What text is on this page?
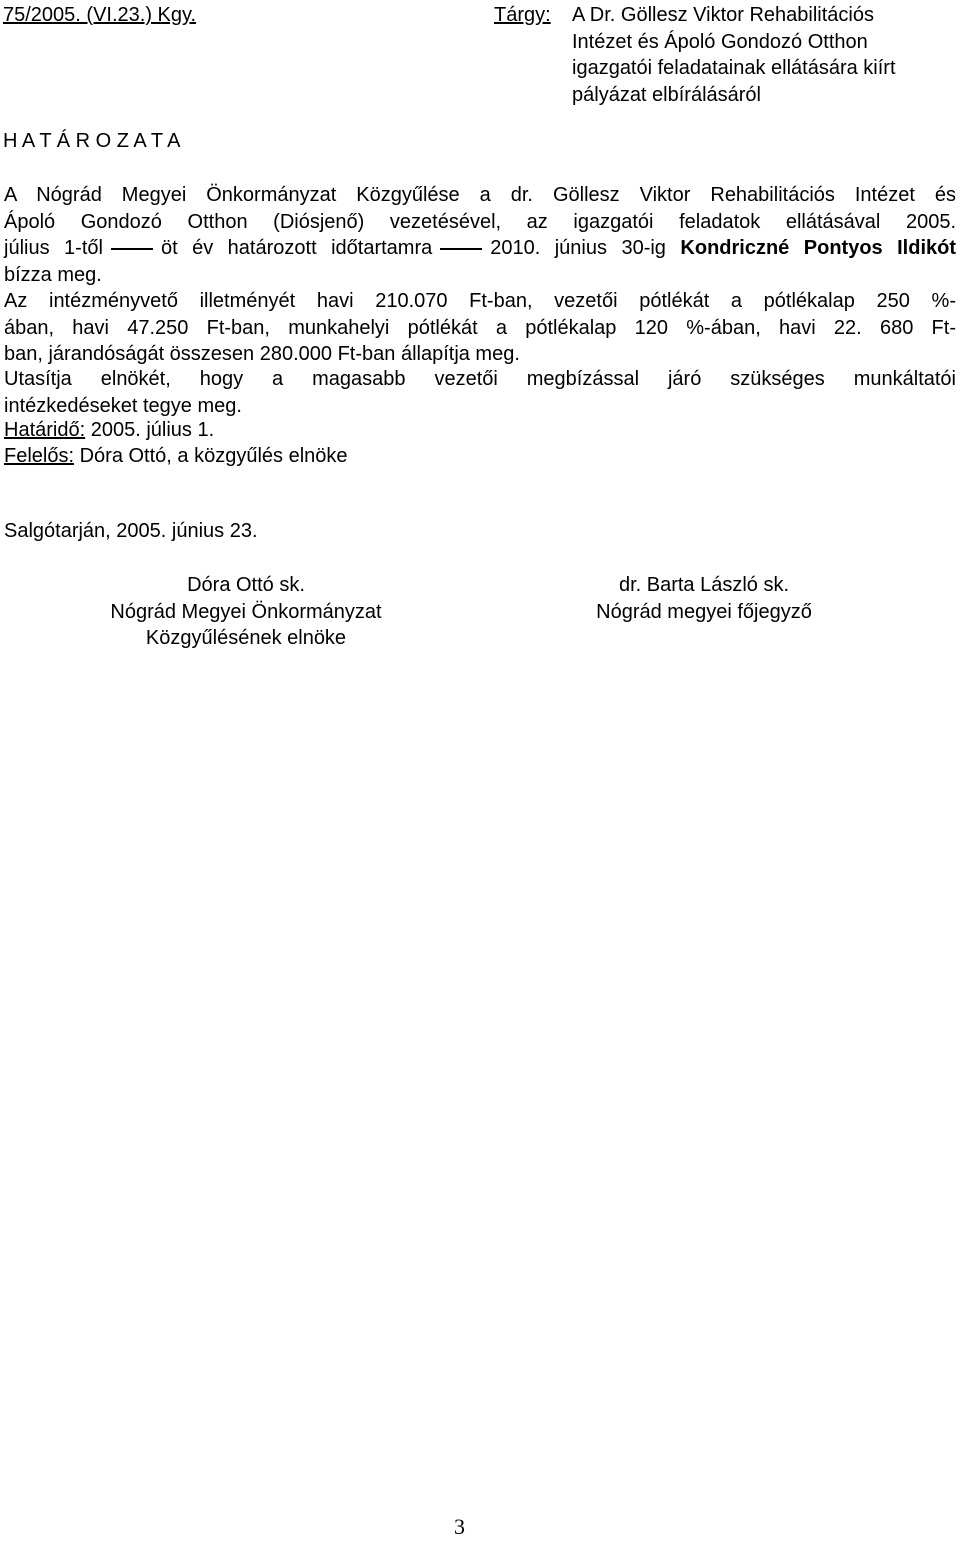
75/2005. (VI.23.) Kgy.	Tárgy: A Dr. Göllesz Viktor Rehabilitációs
Intézet és Ápoló Gondozó Otthon
igazgatói feladatainak ellátására kiírt
pályázat elbírálásáról
H A T Á R O Z A T A
A Nógrád Megyei Önkormányzat Közgyűlése a dr. Göllesz Viktor Rehabilitációs Intézet és
Ápoló Gondozó Otthon (Diósjenő) vezetésével, az igazgatói feladatok ellátásával 2005.
július 1-től	öt év határozott időtartamra	2010. június 30-ig Kondriczné Pontyos Ildikót
bízza meg.
Az intézményvető illetményét havi 210.070 Ft-ban, vezetői pótlékát a pótlékalap 250 %-
ában, havi 47.250 Ft-ban, munkahelyi pótlékát a pótlékalap 120 %-ában, havi 22. 680 Ft-
ban, járandóságát összesen 280.000 Ft-ban állapítja meg.
Utasítja elnökét, hogy a magasabb vezetői megbízással járó szükséges munkáltatói
intézkedéseket tegye meg.
Határidő: 2005. július 1.
Felelős: Dóra Ottó, a közgyűlés elnöke
Salgótarján, 2005. június 23.
Dóra Ottó sk.
Nógrád Megyei Önkormányzat
Közgyűlésének elnöke
dr. Barta László sk.
Nógrád megyei főjegyző
3
